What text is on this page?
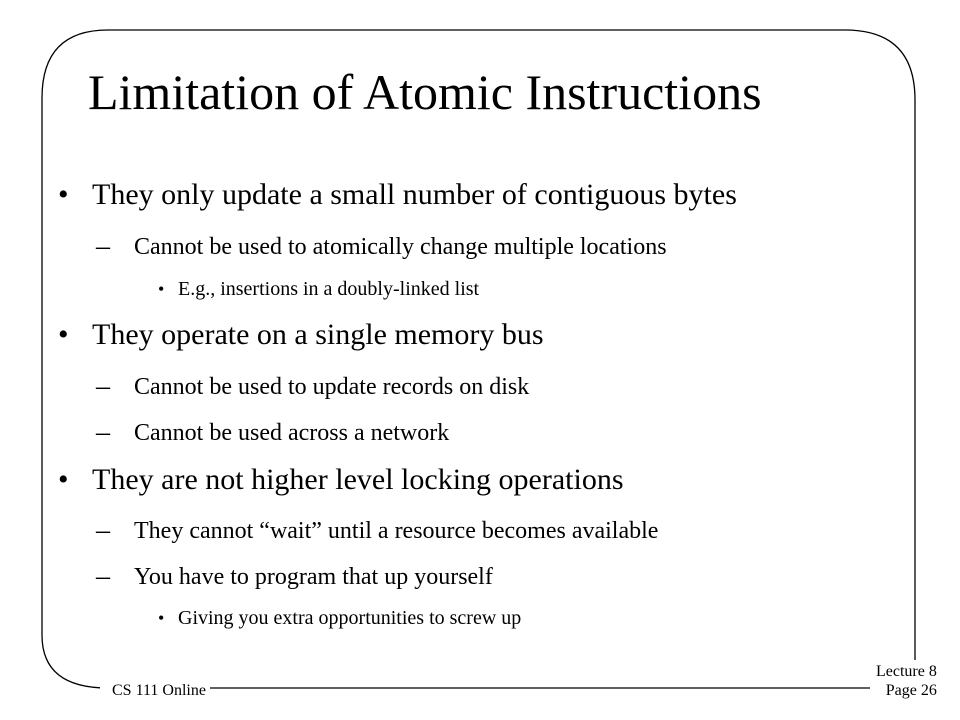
Limitation of Atomic Instructions
• They only update a small number of contiguous bytes
– Cannot be used to atomically change multiple locations
• E.g., insertions in a doubly-linked list
• They operate on a single memory bus
– Cannot be used to update records on disk
– Cannot be used across a network
• They are not higher level locking operations
– They cannot “wait” until a resource becomes available
– You have to program that up yourself
• Giving you extra opportunities to screw up
CS 111 Online
Lecture 8
Page 26
